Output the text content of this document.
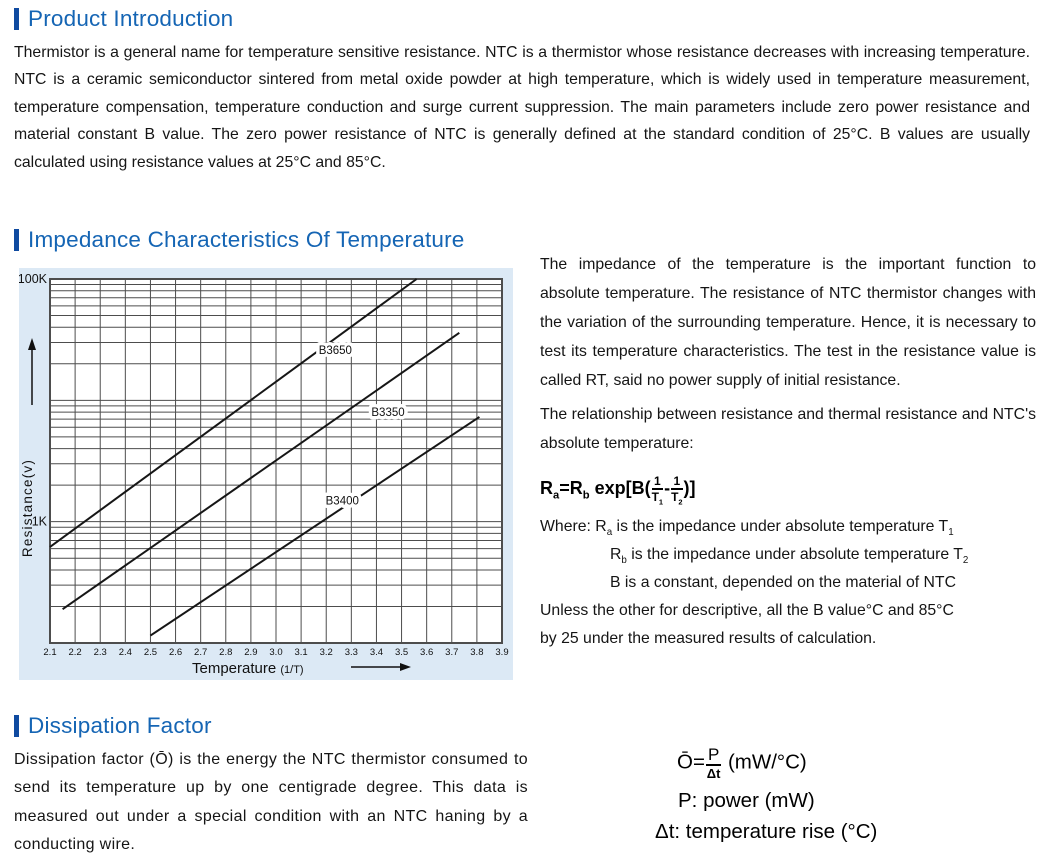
Product Introduction

Thermistor is a general name for temperature sensitive resistance. NTC is a thermistor whose resistance decreases with increasing temperature. NTC is a ceramic semiconductor sintered from metal oxide powder at high temperature, which is widely used in temperature measurement, temperature compensation, temperature conduction and surge current suppression. The main parameters include zero power resistance and material constant B value. The zero power resistance of NTC is generally defined at the standard condition of 25°C. B values are usually calculated using resistance values at 25°C and 85°C.

Impedance Characteristics Of Temperature
B3650
B3350
B3400
2.1 2.2 2.3 2.4 2.5 2.6 2.7 2.8 2.9 3.0 3.1 3.2 3.3 3.4 3.5 3.6 3.7 3.8 3.9
100K
1K
Resistance(v)
Temperature (1/T)

The impedance of the temperature is the important function to absolute temperature. The resistance of NTC thermistor changes with the variation of the surrounding temperature. Hence, it is necessary to test its temperature characteristics. The test in the resistance value is called RT, said no power supply of initial resistance.

The relationship between resistance and thermal resistance and NTC's absolute temperature:

$R_a=R_b$ $\exp[B( \frac{1}{T_1} - \frac{1}{T_2}$ )]
Where: $R_a$ is the impedance under absolute temperature $T_1$
$R_b$ is the impedance under absolute temperature $T_2$
B is a constant, depended on the material of NTC
Unless the other for descriptive, all the B value°C and 85°C
by 25 under the measured results of calculation.
Dissipation Factor

Dissipation factor (Ō) is the energy the NTC thermistor consumed to send its temperature up by one centigrade degree. This data is measured out under a special condition with an NTC haning by a conducting wire.

Ō= $\frac{P}{\Delta t} (mW/^\circ C)$
P: power (mW)
Δt: temperature rise (°C)
